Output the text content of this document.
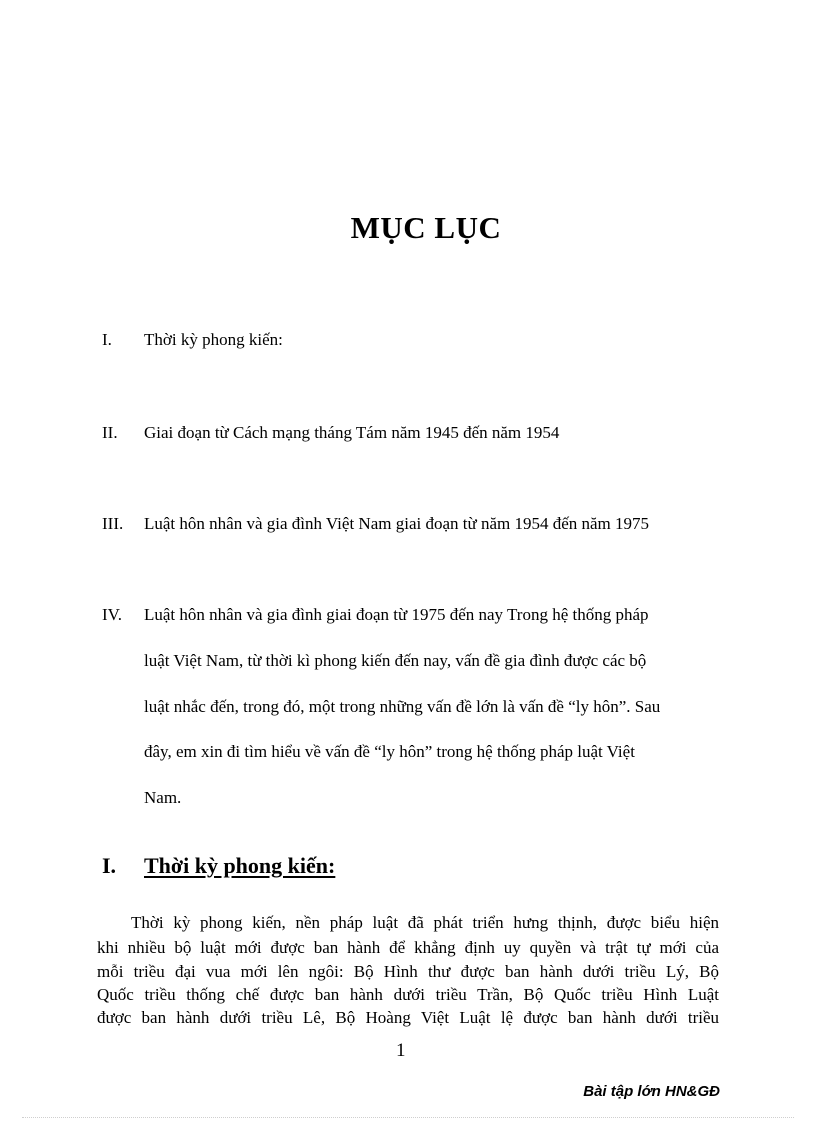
MỤC LỤC
I. Thời kỳ phong kiến:
II. Giai đoạn từ Cách mạng tháng Tám năm 1945 đến năm 1954
III. Luật hôn nhân và gia đình Việt Nam giai đoạn từ năm 1954 đến năm 1975
IV. Luật hôn nhân và gia đình giai đoạn từ 1975 đến nay Trong hệ thống pháp
luật Việt Nam, từ thời kì phong kiến đến nay, vấn đề gia đình được các bộ
luật nhắc đến, trong đó, một trong những vấn đề lớn là vấn đề “ly hôn”. Sau
đây, em xin đi tìm hiểu về vấn đề “ly hôn” trong hệ thống pháp luật Việt
Nam.
I. Thời kỳ phong kiến:
Thời kỳ phong kiến, nền pháp luật đã phát triển hưng thịnh, được biểu hiện
khi nhiều bộ luật mới được ban hành để khẳng định uy quyền và trật tự mới của
mỗi triều đại vua mới lên ngôi: Bộ Hình thư được ban hành dưới triều Lý, Bộ
Quốc triều thống chế được ban hành dưới triều Trần, Bộ Quốc triều Hình Luật
được ban hành dưới triều Lê, Bộ Hoàng Việt Luật lệ được ban hành dưới triều
1
Bài tập lớn HN&GĐ
